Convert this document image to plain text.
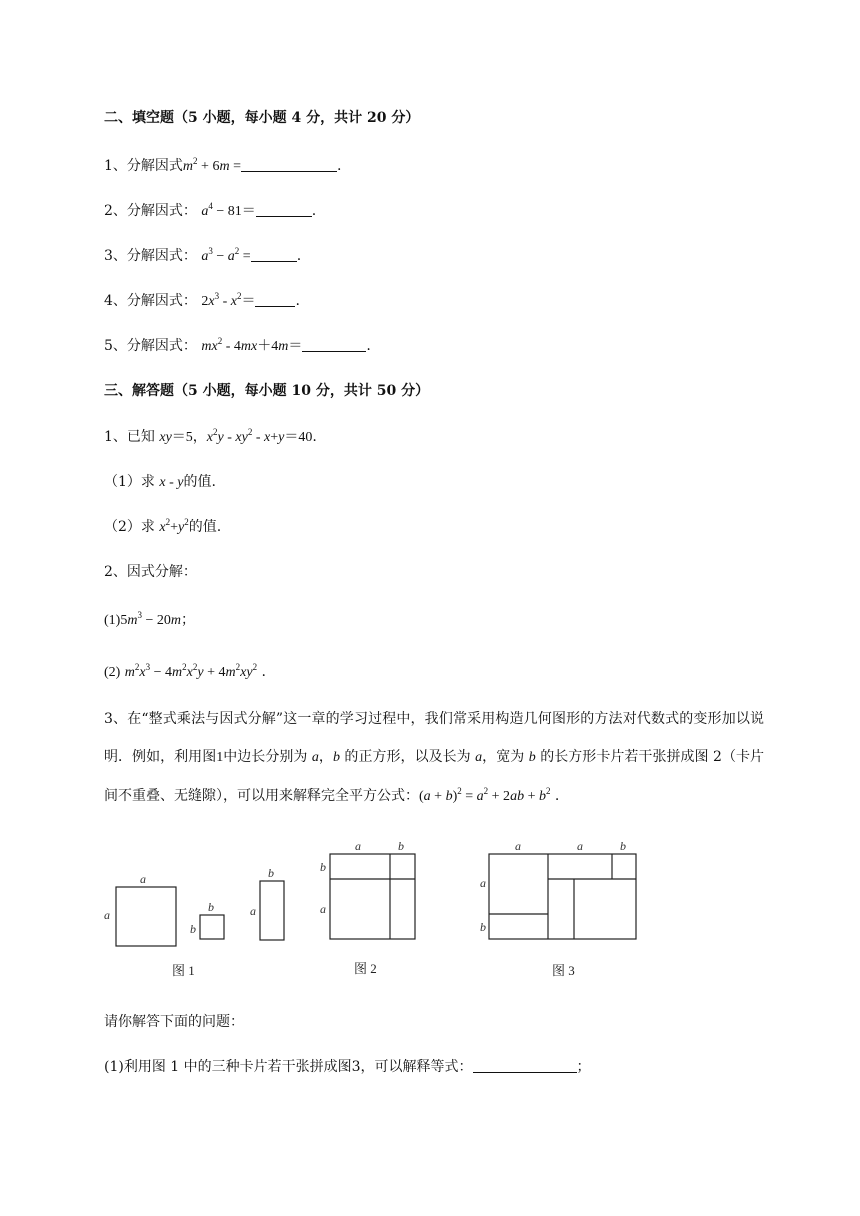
二、填空题（5 小题，每小题 4 分，共计 20 分）
1、分解因式$m^2 + 6m$ =	.
2、分解因式： $a^4 - 81=$	.
3、分解因式： $a^3 - a^2$ =	.
4、分解因式： $2x^3 - x^2=$	.
5、分解因式： $mx^2 - 4mx+4m=$	.
三、解答题（5 小题，每小题 10 分，共计 50 分）
1、已知 xy＝5，$x^2y - xy^2 - x+y=40$.
（1）求 x - y的值.
（2）求 $x^2+y^2$的值.
2、因式分解：
$(1)5m^3 - 20m$；
(2) $m^2x^3 - 4m^2x^2y + 4m^2xy^2$ .
3、在“整式乘法与因式分解”这一章的学习过程中，我们常采用构造几何图形的方法对代数式的变形加以说明．例如，利用图1中边长分别为 a，b 的正方形，以及长为 a，宽为 b 的长方形卡片若干张拼成图 2（卡片间不重叠、无缝隙），可以用来解释完全平方公式：$(a + b)^2 = a^2 + 2ab + b^2$ .
a
a
b
b
b
a
a	b
b
a
a	a	b
a
b
图 1	图 2	图 3
请你解答下面的问题：
(1)利用图 1 中的三种卡片若干张拼成图3，可以解释等式：	；
